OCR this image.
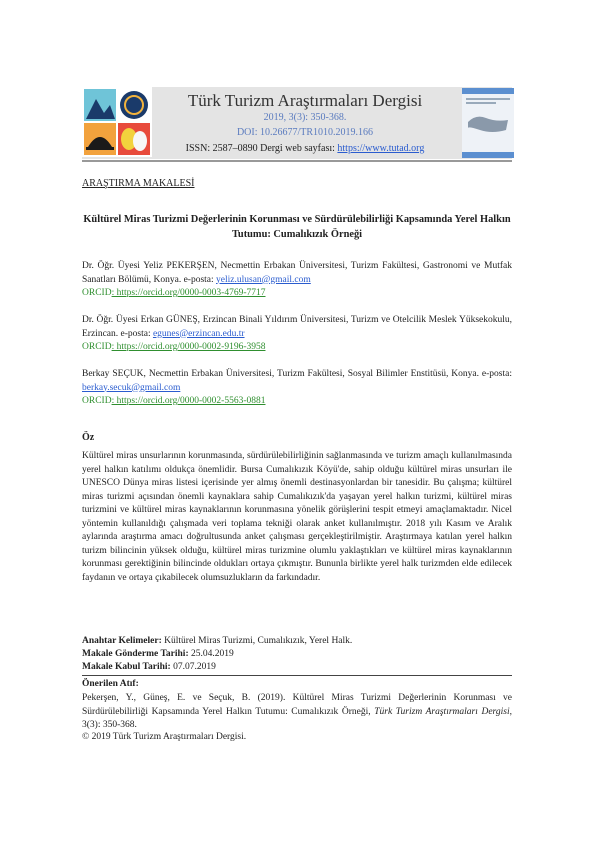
Türk Turizm Araştırmaları Dergisi
2019, 3(3): 350-368.
DOI: 10.26677/TR1010.2019.166
ISSN: 2587–0890 Dergi web sayfası: https://www.tutad.org
ARAŞTIRMA MAKALESİ
Kültürel Miras Turizmi Değerlerinin Korunması ve Sürdürülebilirliği Kapsamında Yerel Halkın Tutumu: Cumalıkızık Örneği
Dr. Öğr. Üyesi Yeliz PEKERŞEN, Necmettin Erbakan Üniversitesi, Turizm Fakültesi, Gastronomi ve Mutfak Sanatları Bölümü, Konya. e-posta: yeliz.ulusan@gmail.com
ORCID: https://orcid.org/0000-0003-4769-7717
Dr. Öğr. Üyesi Erkan GÜNEŞ, Erzincan Binali Yıldırım Üniversitesi, Turizm ve Otelcilik Meslek Yüksekokulu, Erzincan. e-posta: egunes@erzincan.edu.tr
ORCID: https://orcid.org/0000-0002-9196-3958
Berkay SEÇUK, Necmettin Erbakan Üniversitesi, Turizm Fakültesi, Sosyal Bilimler Enstitüsü, Konya. e-posta: berkay.secuk@gmail.com
ORCID: https://orcid.org/0000-0002-5563-0881
Öz
Kültürel miras unsurlarının korunmasında, sürdürülebilirliğinin sağlanmasında ve turizm amaçlı kullanılmasında yerel halkın katılımı oldukça önemlidir. Bursa Cumalıkızık Köyü'de, sahip olduğu kültürel miras unsurları ile UNESCO Dünya miras listesi içerisinde yer almış önemli destinasyonlardan bir tanesidir. Bu çalışma; kültürel miras turizmi açısından önemli kaynaklara sahip Cumalıkızık'da yaşayan yerel halkın turizmi, kültürel miras turizmini ve kültürel miras kaynaklarının korunmasına yönelik görüşlerini tespit etmeyi amaçlamaktadır. Nicel yöntemin kullanıldığı çalışmada veri toplama tekniği olarak anket kullanılmıştır. 2018 yılı Kasım ve Aralık aylarında araştırma amacı doğrultusunda anket çalışması gerçekleştirilmiştir. Araştırmaya katılan yerel halkın turizm bilincinin yüksek olduğu, kültürel miras turizmine olumlu yaklaştıkları ve kültürel miras kaynaklarının korunması gerektiğinin bilincinde oldukları ortaya çıkmıştır. Bununla birlikte yerel halk turizmden elde edilecek faydanın ve ortaya çıkabilecek olumsuzlukların da farkındadır.
Anahtar Kelimeler: Kültürel Miras Turizmi, Cumalıkızık, Yerel Halk.
Makale Gönderme Tarihi: 25.04.2019
Makale Kabul Tarihi: 07.07.2019
Önerilen Atıf:
Pekerşen, Y., Güneş, E. ve Seçuk, B. (2019). Kültürel Miras Turizmi Değerlerinin Korunması ve Sürdürülebilirliği Kapsamında Yerel Halkın Tutumu: Cumalıkızık Örneği, Türk Turizm Araştırmaları Dergisi, 3(3): 350-368.
© 2019 Türk Turizm Araştırmaları Dergisi.
